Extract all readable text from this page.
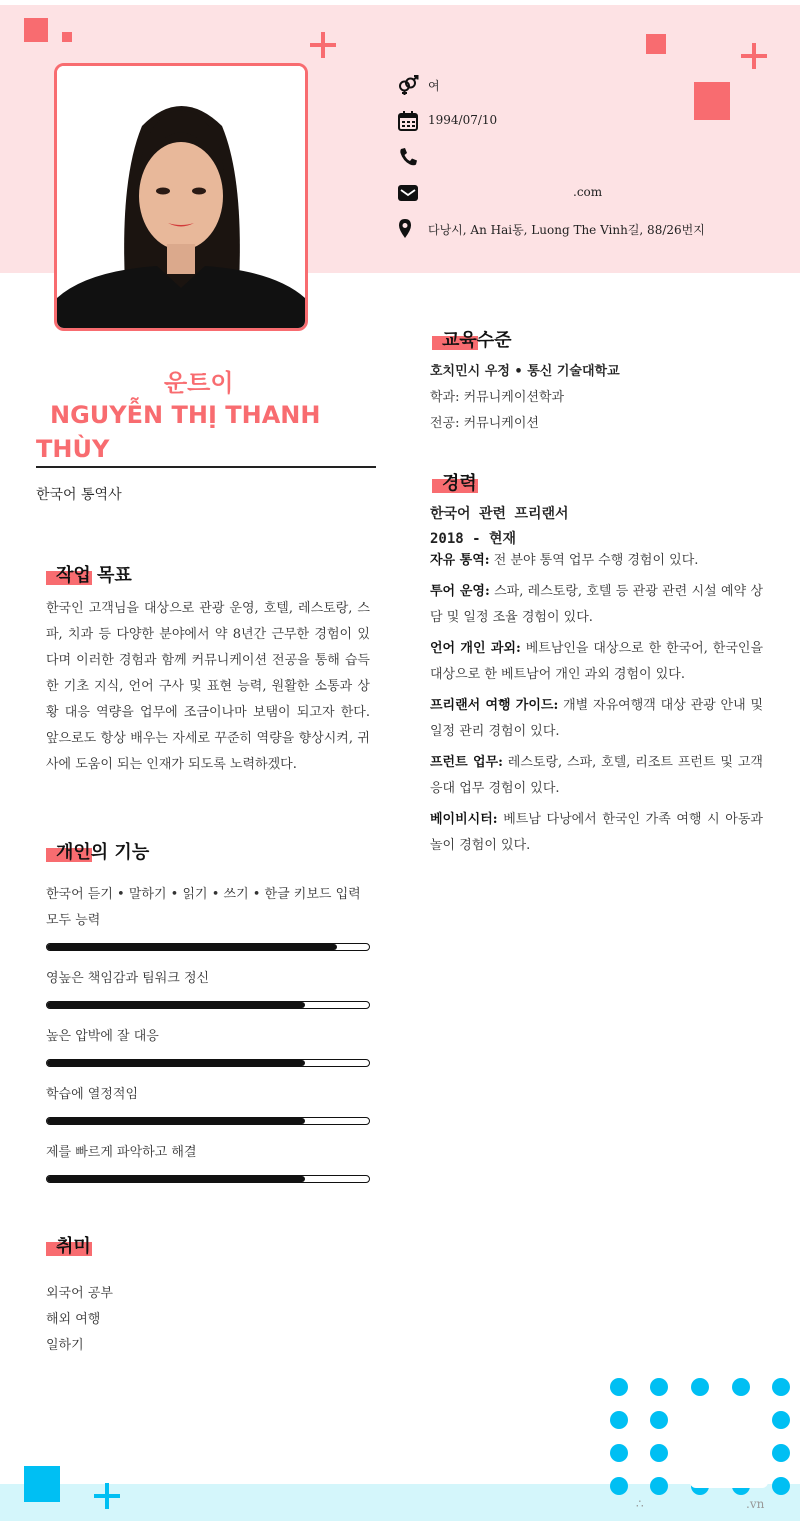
여
1994/07/10
.com
다낭시, An Hai동, Luong The Vinh길, 88/26번지
운트이
NGUYỄN THỊ THANH THÙY
한국어 통역사
작업 목표
한국인 고객님을 대상으로 관광 운영, 호텔, 레스토랑, 스파, 치과 등 다양한 분야에서 약 8년간 근무한 경험이 있다며 이러한 경험과 함께 커뮤니케이션 전공을 통해 습득한 기초 지식, 언어 구사 및 표현 능력, 원활한 소통과 상황 대응 역량을 업무에 조금이나마 보탬이 되고자 한다. 앞으로도 항상 배우는 자세로 꾸준히 역량을 향상시켜, 귀사에 도움이 되는 인재가 되도록 노력하겠다.
개인의 기능
한국어 듣기 • 말하기 • 읽기 • 쓰기 • 한글 키보드 입력 모두 능력
영높은 책임감과 팀워크 정신
높은 압박에 잘 대응
학습에 열정적임
제를 빠르게 파악하고 해결
취미
외국어 공부
해외 여행
일하기
교육수준
호치민시 우정 • 통신 기술대학교
학과: 커뮤니케이션학과
전공: 커뮤니케이션
경력
한국어 관련 프리랜서
2018 - 현재
자유 통역: 전 분야 통역 업무 수행 경험이 있다.
투어 운영: 스파, 레스토랑, 호텔 등 관광 관련 시설 예약 상담 및 일정 조율 경험이 있다.
언어 개인 과외: 베트남인을 대상으로 한 한국어, 한국인을 대상으로 한 베트남어 개인 과외 경험이 있다.
프리랜서 여행 가이드: 개별 자유여행객 대상 관광 안내 및 일정 관리 경험이 있다.
프런트 업무: 레스토랑, 스파, 호텔, 리조트 프런트 및 고객 응대 업무 경험이 있다.
베이비시터: 베트남 다낭에서 한국인 가족 여행 시 아동과 놀이 경험이 있다.
∴	.vn
